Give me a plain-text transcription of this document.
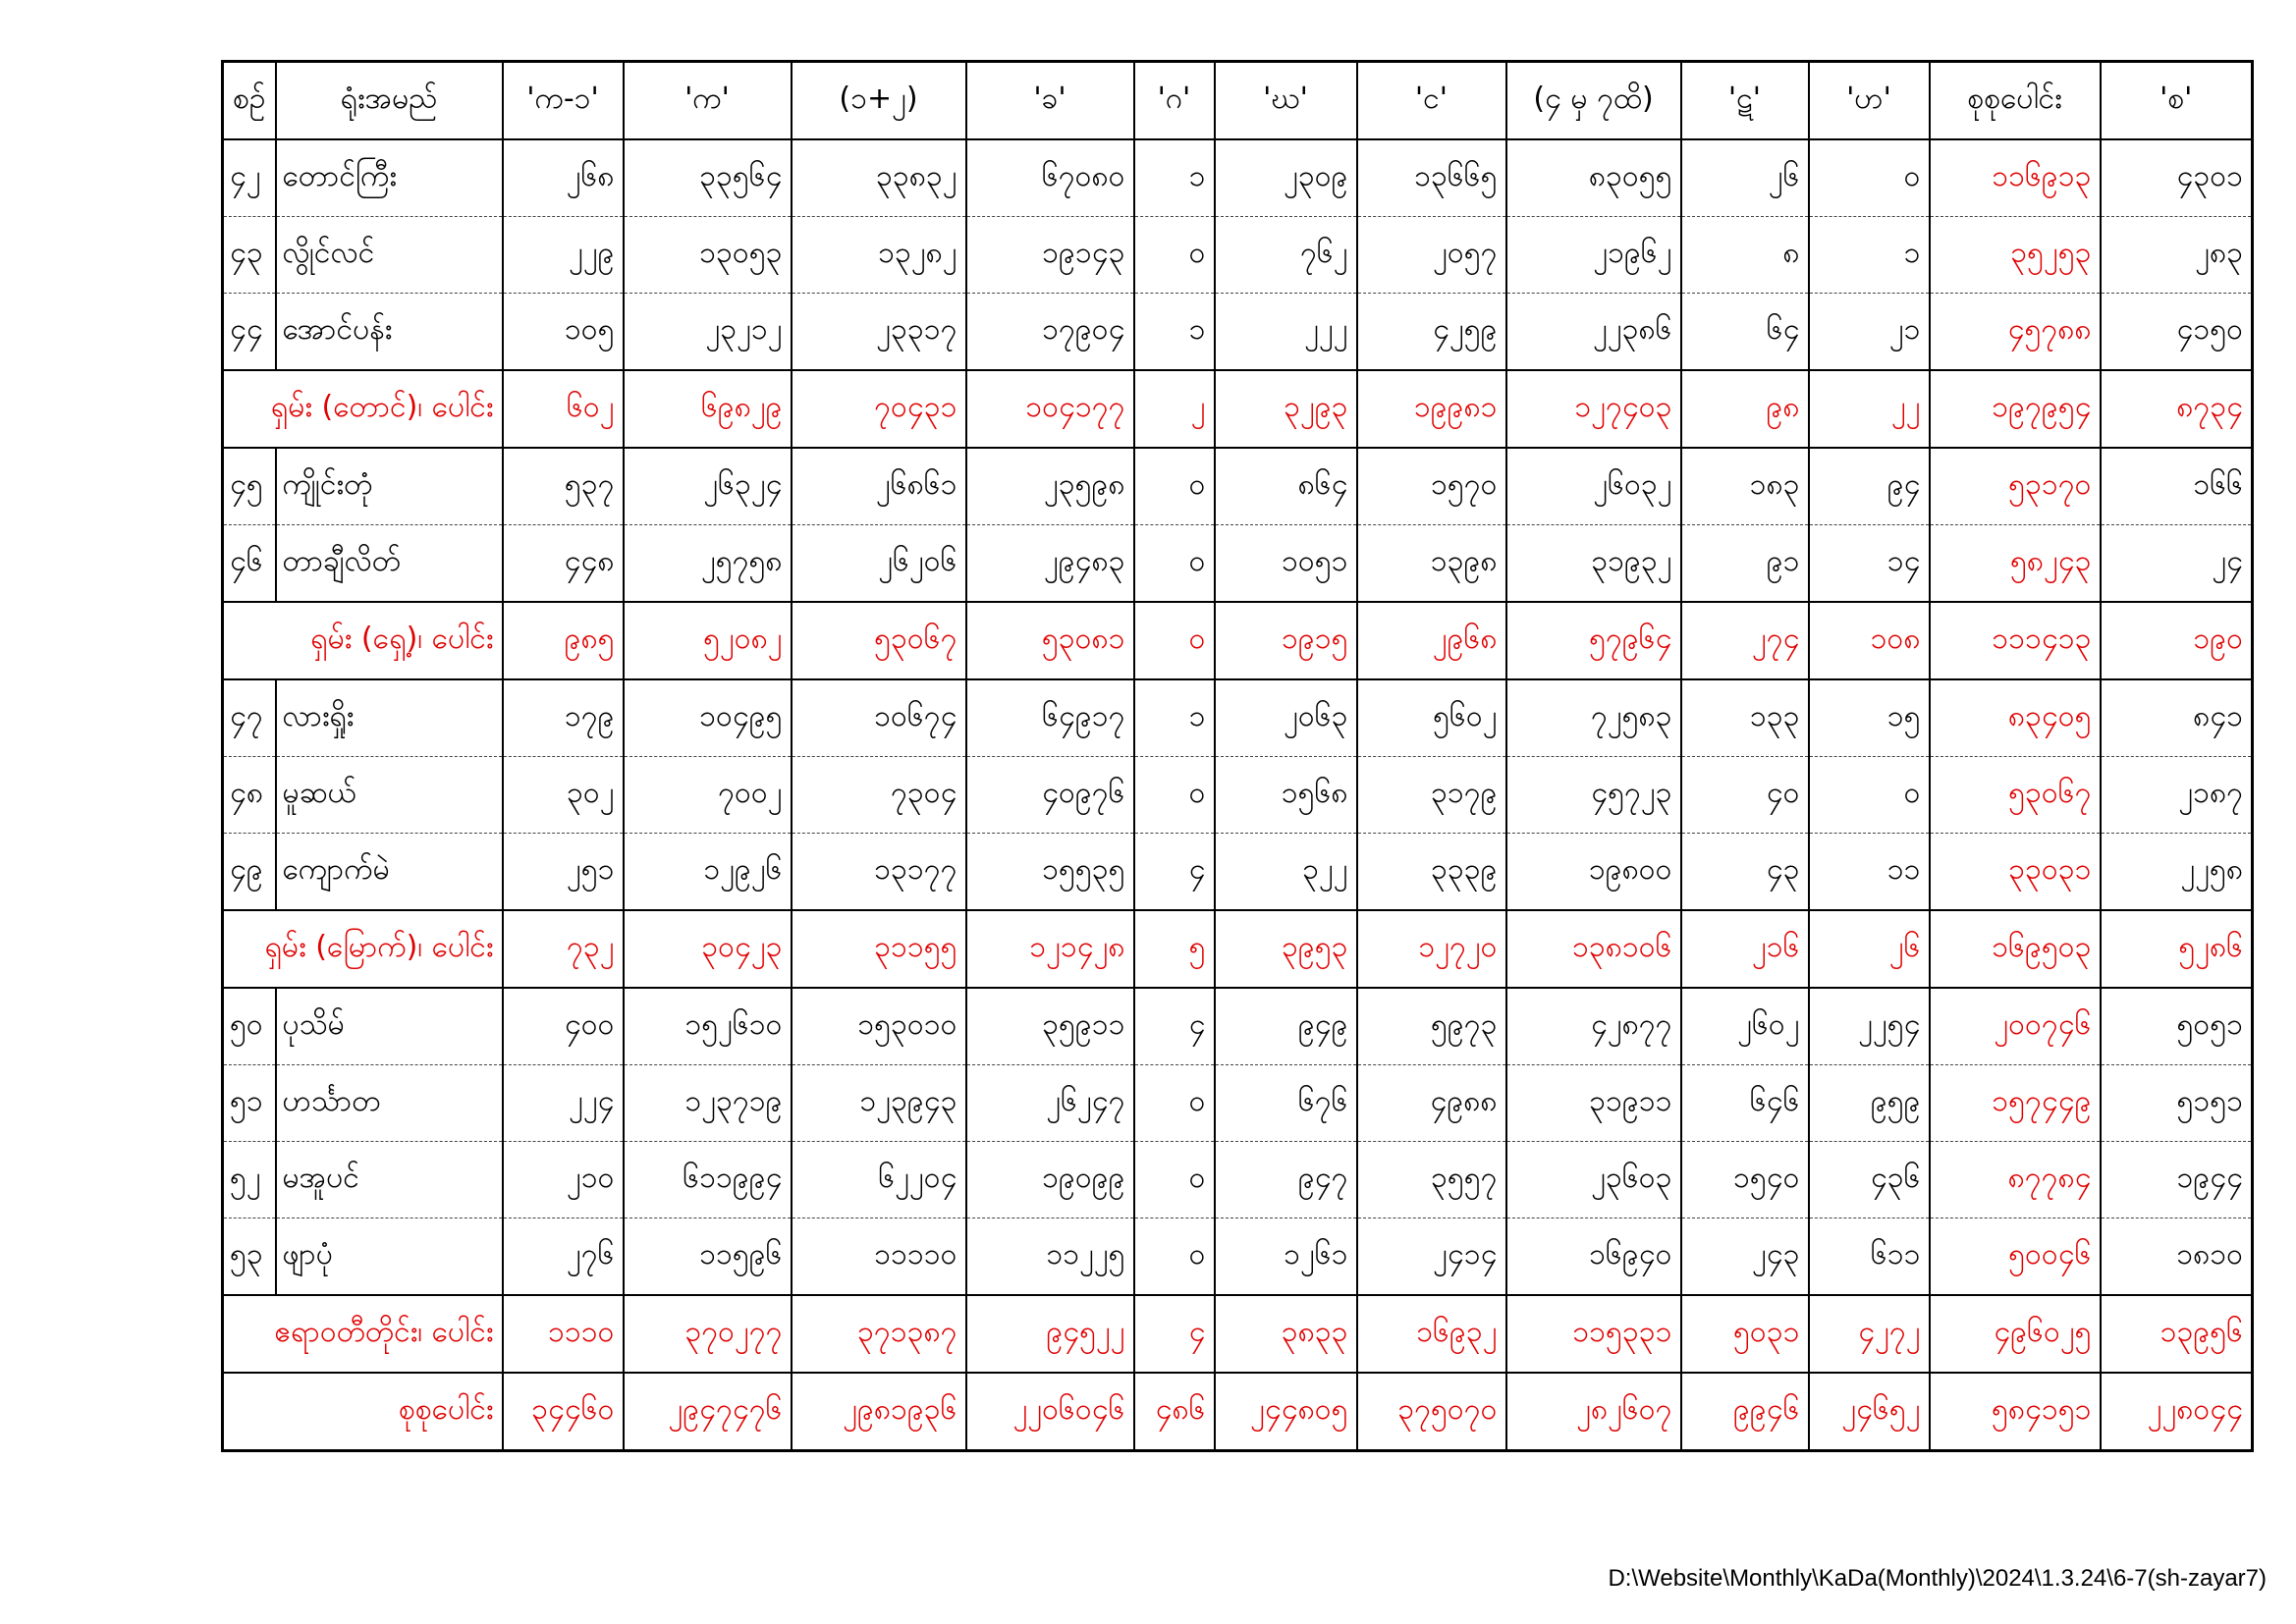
စဉ်	ရုံးအမည်	'က-၁'	'က'	(၁+၂)	'ခ'	'ဂ'	'ဃ'	'င'	(၄ မှ ၇ထိ)	'ဋ'	'ဟ'	စုစုပေါင်း	'စ'
၄၂	တောင်ကြီး	၂၆၈	၃၃၅၆၄	၃၃၈၃၂	၆၇၀၈၀	၁	၂၃၀၉	၁၃၆၆၅	၈၃၀၅၅	၂၆	၀	၁၁၆၉၁၃	၄၃၀၁
၄၃	လွိုင်လင်	၂၂၉	၁၃၀၅၃	၁၃၂၈၂	၁၉၁၄၃	၀	၇၆၂	၂၀၅၇	၂၁၉၆၂	၈	၁	၃၅၂၅၃	၂၈၃
၄၄	အောင်ပန်း	၁၀၅	၂၃၂၁၂	၂၃၃၁၇	၁၇၉၀၄	၁	၂၂၂	၄၂၅၉	၂၂၃၈၆	၆၄	၂၁	၄၅၇၈၈	၄၁၅၀
ရှမ်း (တောင်)၊ ပေါင်း		၆၀၂	၆၉၈၂၉	၇၀၄၃၁	၁၀၄၁၇၇	၂	၃၂၉၃	၁၉၉၈၁	၁၂၇၄၀၃	၉၈	၂၂	၁၉၇၉၅၄	၈၇၃၄
၄၅	ကျိုင်းတုံ	၅၃၇	၂၆၃၂၄	၂၆၈၆၁	၂၃၅၉၈	၀	၈၆၄	၁၅၇၀	၂၆၀၃၂	၁၈၃	၉၄	၅၃၁၇၀	၁၆၆
၄၆	တာချီလိတ်	၄၄၈	၂၅၇၅၈	၂၆၂၀၆	၂၉၄၈၃	၀	၁၀၅၁	၁၃၉၈	၃၁၉၃၂	၉၁	၁၄	၅၈၂၄၃	၂၄
ရှမ်း (ရှေ့)၊ ပေါင်း		၉၈၅	၅၂၀၈၂	၅၃၀၆၇	၅၃၀၈၁	၀	၁၉၁၅	၂၉၆၈	၅၇၉၆၄	၂၇၄	၁၀၈	၁၁၁၄၁၃	၁၉၀
၄၇	လားရှိုး	၁၇၉	၁၀၄၉၅	၁၀၆၇၄	၆၄၉၁၇	၁	၂၀၆၃	၅၆၀၂	၇၂၅၈၃	၁၃၃	၁၅	၈၃၄၀၅	၈၄၁
၄၈	မူဆယ်	၃၀၂	၇၀၀၂	၇၃၀၄	၄၀၉၇၆	၀	၁၅၆၈	၃၁၇၉	၄၅၇၂၃	၄၀	၀	၅၃၀၆၇	၂၁၈၇
၄၉	ကျောက်မဲ	၂၅၁	၁၂၉၂၆	၁၃၁၇၇	၁၅၅၃၅	၄	၃၂၂	၃၃၃၉	၁၉၈၀၀	၄၃	၁၁	၃၃၀၃၁	၂၂၅၈
ရှမ်း (မြောက်)၊ ပေါင်း		၇၃၂	၃၀၄၂၃	၃၁၁၅၅	၁၂၁၄၂၈	၅	၃၉၅၃	၁၂၇၂၀	၁၃၈၁၀၆	၂၁၆	၂၆	၁၆၉၅၀၃	၅၂၈၆
၅၀	ပုသိမ်	၄၀၀	၁၅၂၆၁၀	၁၅၃၀၁၀	၃၅၉၁၁	၄	၉၄၉	၅၉၇၃	၄၂၈၇၇	၂၆၀၂	၂၂၅၄	၂၀၀၇၄၆	၅၀၅၁
၅၁	ဟင်္သာတ	၂၂၄	၁၂၃၇၁၉	၁၂၃၉၄၃	၂၆၂၄၇	၀	၆၇၆	၄၉၈၈	၃၁၉၁၁	၆၄၆	၉၅၉	၁၅၇၄၄၉	၅၁၅၁
၅၂	မအူပင်	၂၁၀	၆၁၁၉၉၄	၆၂၂၀၄	၁၉၀၉၉	၀	၉၄၇	၃၅၅၇	၂၃၆၀၃	၁၅၄၀	၄၃၆	၈၇၇၈၄	၁၉၄၄
၅၃	ဖျာပုံ	၂၇၆	၁၁၅၉၆	၁၁၁၁၀	၁၁၂၂၅	၀	၁၂၆၁	၂၄၁၄	၁၆၉၄၀	၂၄၃	၆၁၁	၅၀၀၄၆	၁၈၁၀
ဧရာဝတီတိုင်း၊ ပေါင်း		၁၁၁၀	၃၇၀၂၇၇	၃၇၁၃၈၇	၉၄၅၂၂	၄	၃၈၃၃	၁၆၉၃၂	၁၁၅၃၃၁	၅၀၃၁	၄၂၇၂	၄၉၆၀၂၅	၁၃၉၅၆
စုစုပေါင်း		၃၄၄၆၀	၂၉၄၇၄၇၆	၂၉၈၁၉၃၆	၂၂၀၆၀၄၆	၄၈၆	၂၄၄၈၀၅	၃၇၅၀၇၀	၂၈၂၆၀၇	၉၉၄၆	၂၄၆၅၂	၅၈၄၁၅၁	၂၂၈၀၄၄
D:\Website\Monthly\KaDa(Monthly)\2024\1.3.24\6-7(sh-zayar7)
